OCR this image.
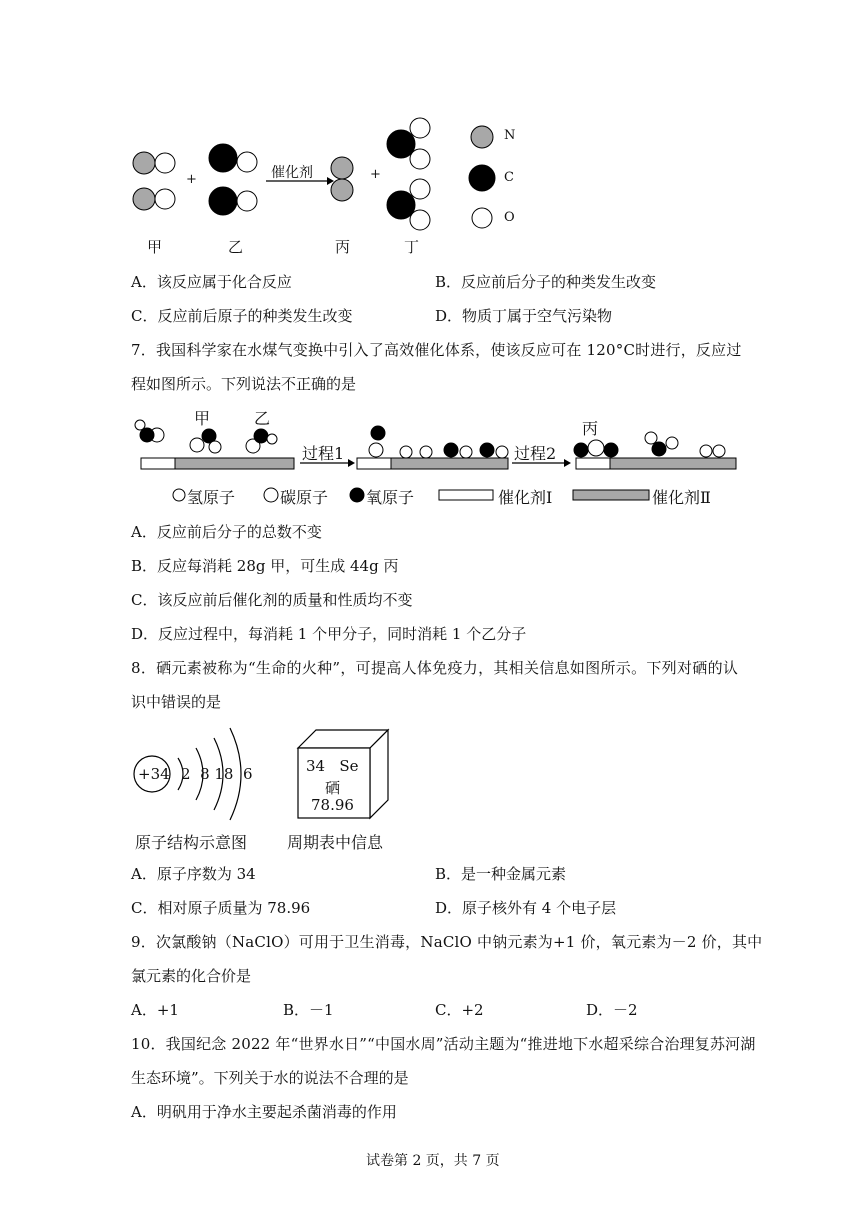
+	+
催化剂
甲	乙	丙	丁
N
C
O
A．该反应属于化合反应	B．反应前后分子的种类发生改变
C．反应前后原子的种类发生改变	D．物质丁属于空气污染物
7．我国科学家在水煤气变换中引入了高效催化体系，使该反应可在 120°C时进行，反应过
程如图所示。下列说法不正确的是
甲	乙
丙
过程1	过程2
氢原子	碳原子 氧原子	催化剂Ⅰ	催化剂Ⅱ
A．反应前后分子的总数不变
B．反应每消耗 28g 甲，可生成 44g 丙
C．该反应前后催化剂的质量和性质均不变
D．反应过程中，每消耗 1 个甲分子，同时消耗 1 个乙分子
8．硒元素被称为“生命的火种”，可提高人体免疫力，其相关信息如图所示。下列对硒的认
识中错误的是
+34 2  8 18  6	34   Se
硒
78.96
原子结构示意图 周期表中信息
A．原子序数为 34	B．是一种金属元素
C．相对原子质量为 78.96	D．原子核外有 4 个电子层
9．次氯酸钠（NaClO）可用于卫生消毒，NaClO 中钠元素为+1 价，氧元素为－2 价，其中
氯元素的化合价是
A．+1	B．－1	C．+2	D．－2
10．我国纪念 2022 年“世界水日”“中国水周”活动主题为“推进地下水超采综合治理复苏河湖
生态环境”。下列关于水的说法不合理的是
A．明矾用于净水主要起杀菌消毒的作用
试卷第 2 页，共 7 页
